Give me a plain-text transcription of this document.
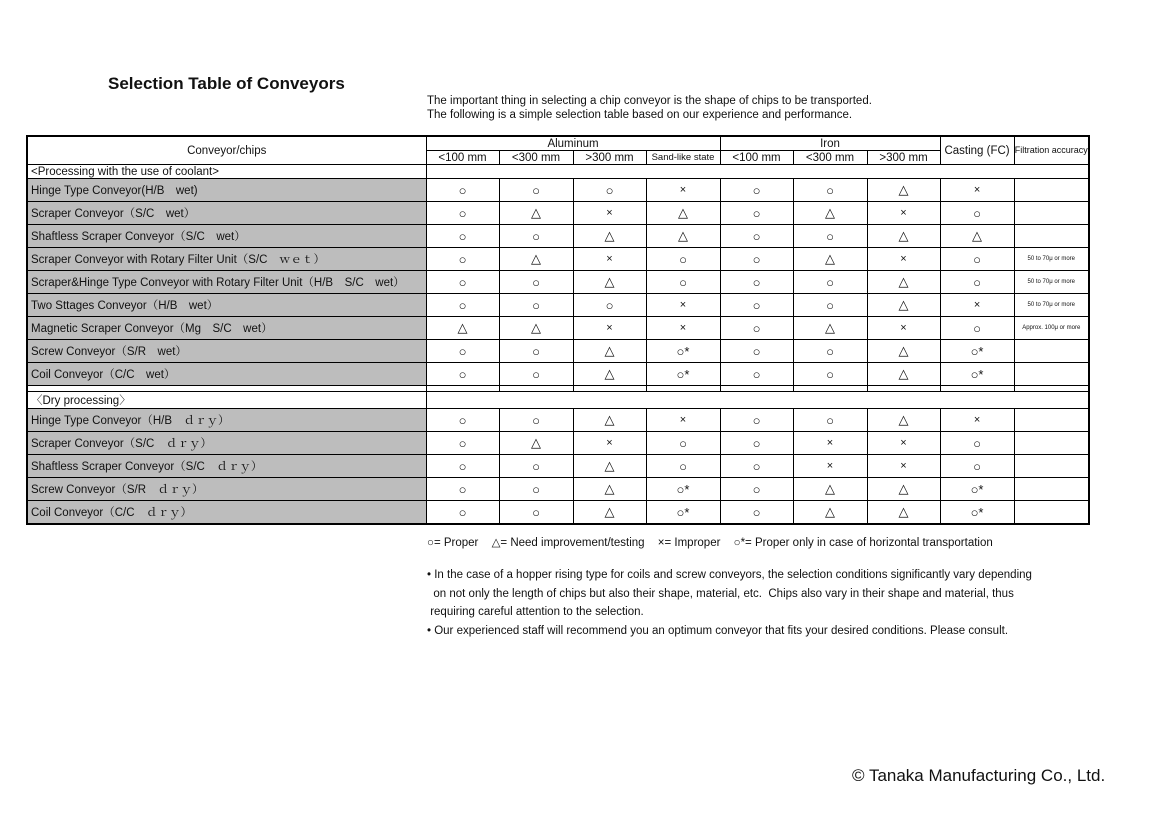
Selection Table of Conveyors
The important thing in selecting a chip conveyor is the shape of chips to be transported.
The following is a simple selection table based on our experience and performance.
Conveyor/chips	Aluminum				Iron			Casting (FC)	Filtration accuracy
	<100 mm	<300 mm	>300 mm	Sand-like state	<100 mm	<300 mm	>300 mm		
<Processing with the use of coolant>									
Hinge Type Conveyor(H/B　wet)	○	○	○	×	○	○	△	×	
Scraper Conveyor（S/C　wet）	○	△	×	△	○	△	×	○	
Shaftless Scraper Conveyor（S/C　wet）	○	○	△	△	○	○	△	△	
Scraper Conveyor with Rotary Filter Unit（S/C　ｗｅｔ）	○	△	×	○	○	△	×	○	50 to 70μ or more
Scraper&Hinge Type Conveyor with Rotary Filter Unit（H/B　S/C　wet）	○	○	△	○	○	○	△	○	50 to 70μ or more
Two Sttages Conveyor（H/B　wet）	○	○	○	×	○	○	△	×	50 to 70μ or more
Magnetic Scraper Conveyor（Mg　S/C　wet）	△	△	×	×	○	△	×	○	Approx. 100μ or more
Screw Conveyor（S/R　wet）	○	○	△	○*	○	○	△	○*	
Coil Conveyor（C/C　wet）	○	○	△	○*	○	○	△	○*	

〈Dry processing〉									
Hinge Type Conveyor（H/B　ｄｒｙ）	○	○	△	×	○	○	△	×	
Scraper Conveyor（S/C　ｄｒｙ）	○	△	×	○	○	×	×	○	
Shaftless Scraper Conveyor（S/C　ｄｒｙ）	○	○	△	○	○	×	×	○	
Screw Conveyor（S/R　ｄｒｙ）	○	○	△	○*	○	△	△	○*	
Coil Conveyor（C/C　ｄｒｙ）	○	○	△	○*	○	△	△	○*	
○= Proper △= Need improvement/testing ×= Improper ○*= Proper only in case of horizontal transportation
• In the case of a hopper rising type for coils and screw conveyors, the selection conditions significantly vary depending
on not only the length of chips but also their shape, material, etc.  Chips also vary in their shape and material, thus
requiring careful attention to the selection.
• Our experienced staff will recommend you an optimum conveyor that fits your desired conditions. Please consult.
© Tanaka Manufacturing Co., Ltd.
